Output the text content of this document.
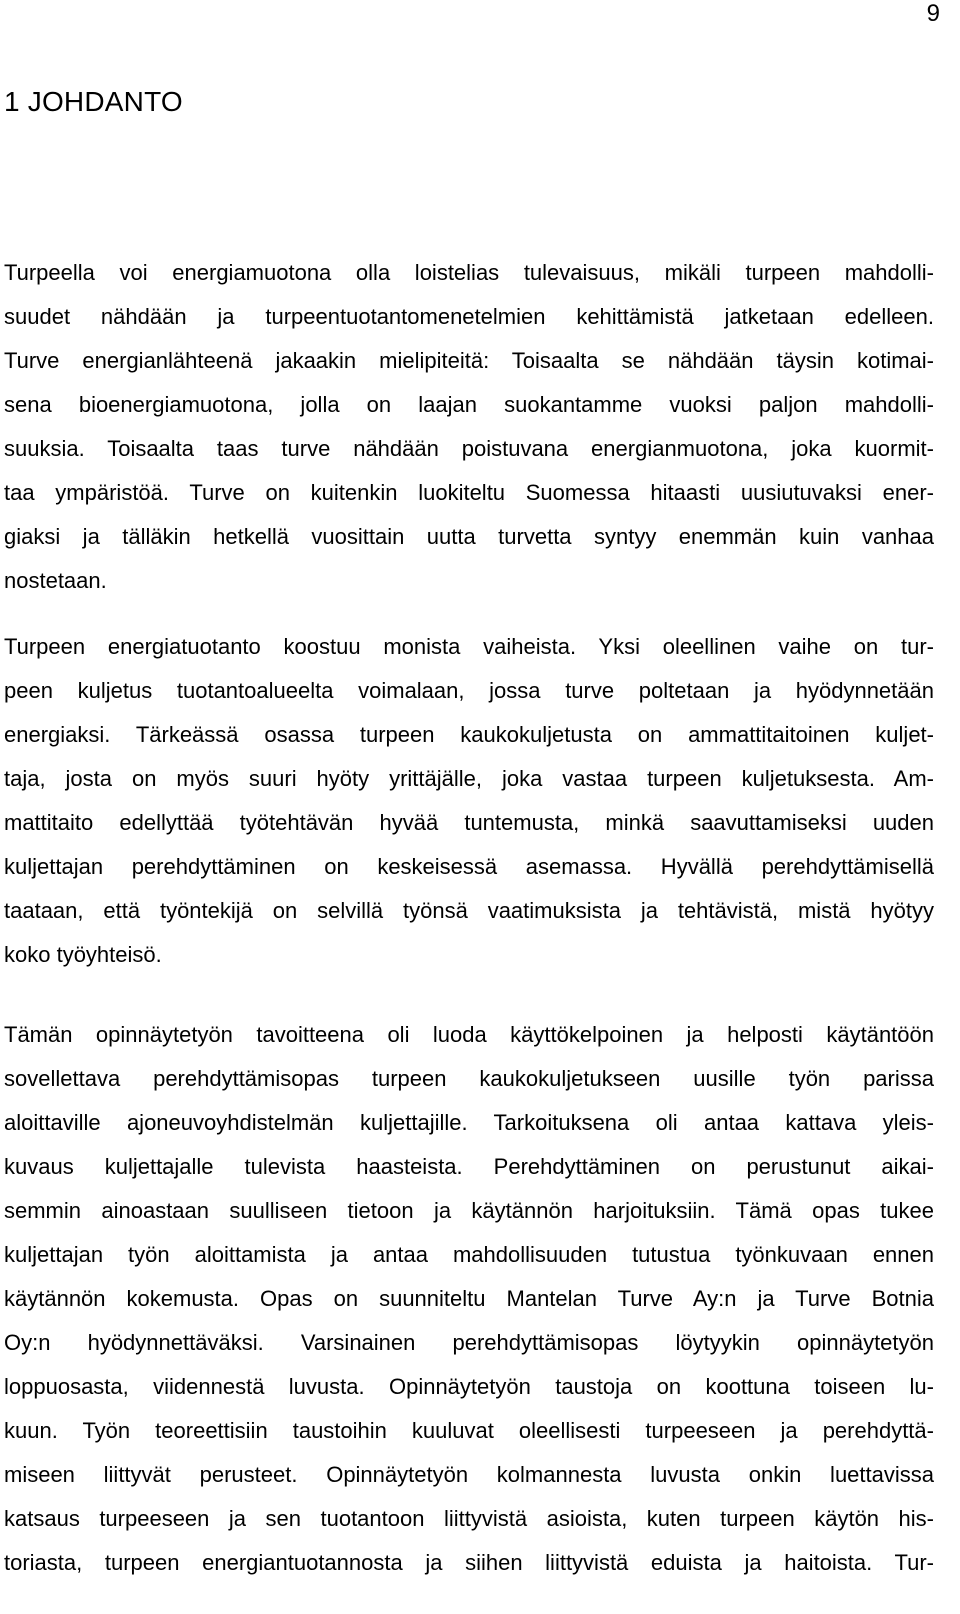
9
1 JOHDANTO
Turpeella voi energiamuotona olla loistelias tulevaisuus, mikäli turpeen mahdolli-
suudet nähdään ja turpeentuotantomenetelmien kehittämistä jatketaan edelleen.
Turve energianlähteenä jakaakin mielipiteitä: Toisaalta se nähdään täysin kotimai-
sena bioenergiamuotona, jolla on laajan suokantamme vuoksi paljon mahdolli-
suuksia. Toisaalta taas turve nähdään poistuvana energianmuotona, joka kuormit-
taa ympäristöä. Turve on kuitenkin luokiteltu Suomessa hitaasti uusiutuvaksi ener-
giaksi ja tälläkin hetkellä vuosittain uutta turvetta syntyy enemmän kuin vanhaa
nostetaan.
Turpeen energiatuotanto koostuu monista vaiheista. Yksi oleellinen vaihe on tur-
peen kuljetus tuotantoalueelta voimalaan, jossa turve poltetaan ja hyödynnetään
energiaksi. Tärkeässä osassa turpeen kaukokuljetusta on ammattitaitoinen kuljet-
taja, josta on myös suuri hyöty yrittäjälle, joka vastaa turpeen kuljetuksesta. Am-
mattitaito edellyttää työtehtävän hyvää tuntemusta, minkä saavuttamiseksi uuden
kuljettajan perehdyttäminen on keskeisessä asemassa. Hyvällä perehdyttämisellä
taataan, että työntekijä on selvillä työnsä vaatimuksista ja tehtävistä, mistä hyötyy
koko työyhteisö.
Tämän opinnäytetyön tavoitteena oli luoda käyttökelpoinen ja helposti käytäntöön
sovellettava perehdyttämisopas turpeen kaukokuljetukseen uusille työn parissa
aloittaville ajoneuvoyhdistelmän kuljettajille. Tarkoituksena oli antaa kattava yleis-
kuvaus kuljettajalle tulevista haasteista. Perehdyttäminen on perustunut aikai-
semmin ainoastaan suulliseen tietoon ja käytännön harjoituksiin. Tämä opas tukee
kuljettajan työn aloittamista ja antaa mahdollisuuden tutustua työnkuvaan ennen
käytännön kokemusta. Opas on suunniteltu Mantelan Turve Ay:n ja Turve Botnia
Oy:n hyödynnettäväksi. Varsinainen perehdyttämisopas löytyykin opinnäytetyön
loppuosasta, viidennestä luvusta. Opinnäytetyön taustoja on koottuna toiseen lu-
kuun. Työn teoreettisiin taustoihin kuuluvat oleellisesti turpeeseen ja perehdyttä-
miseen liittyvät perusteet. Opinnäytetyön kolmannesta luvusta onkin luettavissa
katsaus turpeeseen ja sen tuotantoon liittyvistä asioista, kuten turpeen käytön his-
toriasta, turpeen energiantuotannosta ja siihen liittyvistä eduista ja haitoista. Tur-
